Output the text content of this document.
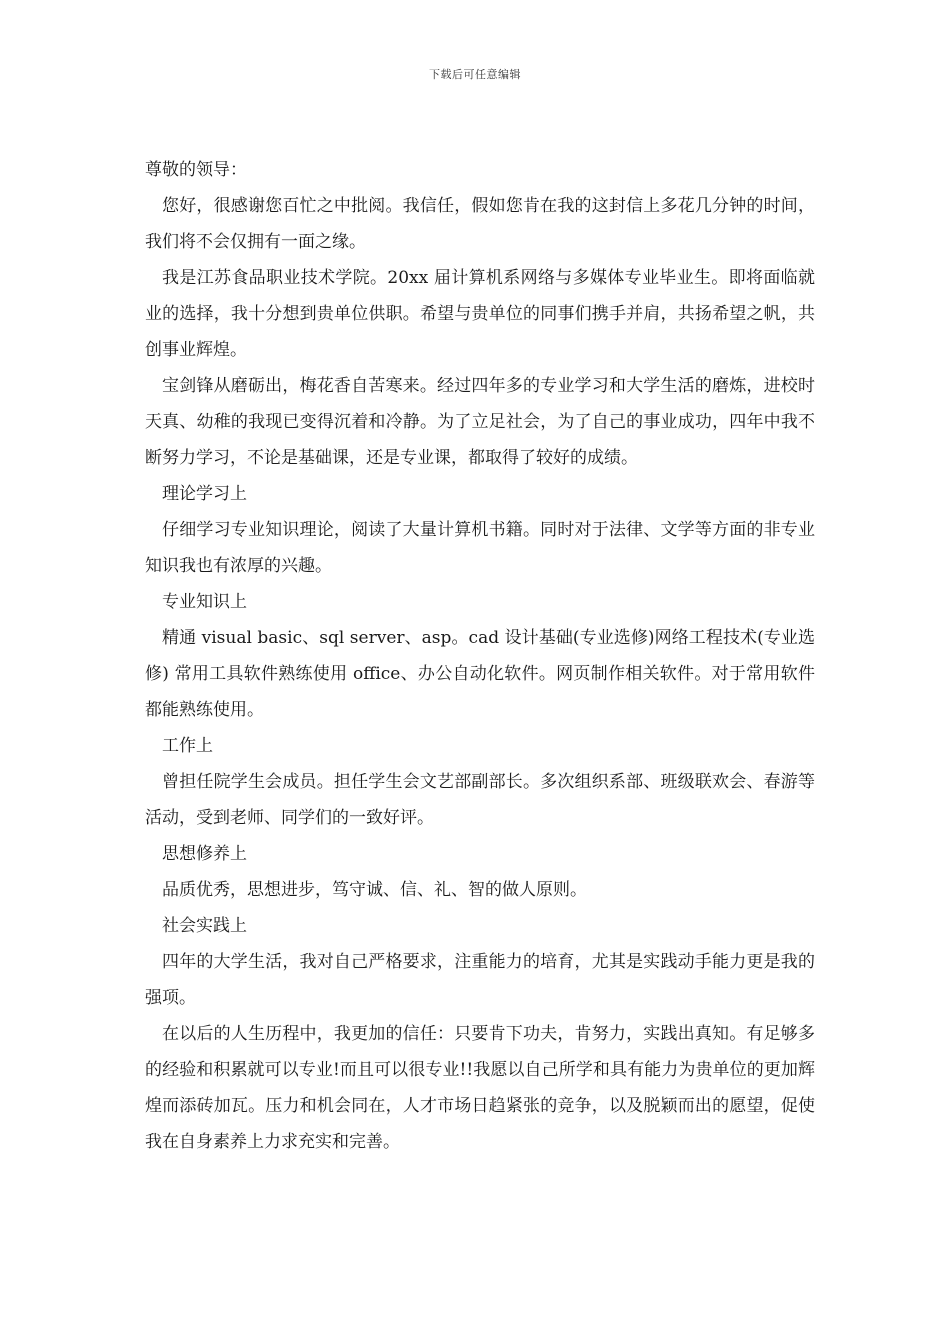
下载后可任意编辑

尊敬的领导：

您好，很感谢您百忙之中批阅。我信任，假如您肯在我的这封信上多花几分钟的时间，我们将不会仅拥有一面之缘。

我是江苏食品职业技术学院。20xx 届计算机系网络与多媒体专业毕业生。即将面临就业的选择，我十分想到贵单位供职。希望与贵单位的同事们携手并肩，共扬希望之帆，共创事业辉煌。

宝剑锋从磨砺出，梅花香自苦寒来。经过四年多的专业学习和大学生活的磨炼，进校时天真、幼稚的我现已变得沉着和冷静。为了立足社会，为了自己的事业成功，四年中我不断努力学习，不论是基础课，还是专业课，都取得了较好的成绩。

理论学习上

仔细学习专业知识理论，阅读了大量计算机书籍。同时对于法律、文学等方面的非专业知识我也有浓厚的兴趣。

专业知识上

精通 visual basic、sql server、asp。cad 设计基础(专业选修)网络工程技术(专业选修) 常用工具软件熟练使用 office、办公自动化软件。网页制作相关软件。对于常用软件都能熟练使用。

工作上

曾担任院学生会成员。担任学生会文艺部副部长。多次组织系部、班级联欢会、春游等活动，受到老师、同学们的一致好评。

思想修养上

品质优秀，思想进步，笃守诚、信、礼、智的做人原则。

社会实践上

四年的大学生活，我对自己严格要求，注重能力的培育，尤其是实践动手能力更是我的强项。

在以后的人生历程中，我更加的信任：只要肯下功夫，肯努力，实践出真知。有足够多的经验和积累就可以专业!而且可以很专业!!我愿以自己所学和具有能力为贵单位的更加辉煌而添砖加瓦。压力和机会同在，人才市场日趋紧张的竞争，以及脱颖而出的愿望，促使我在自身素养上力求充实和完善。
